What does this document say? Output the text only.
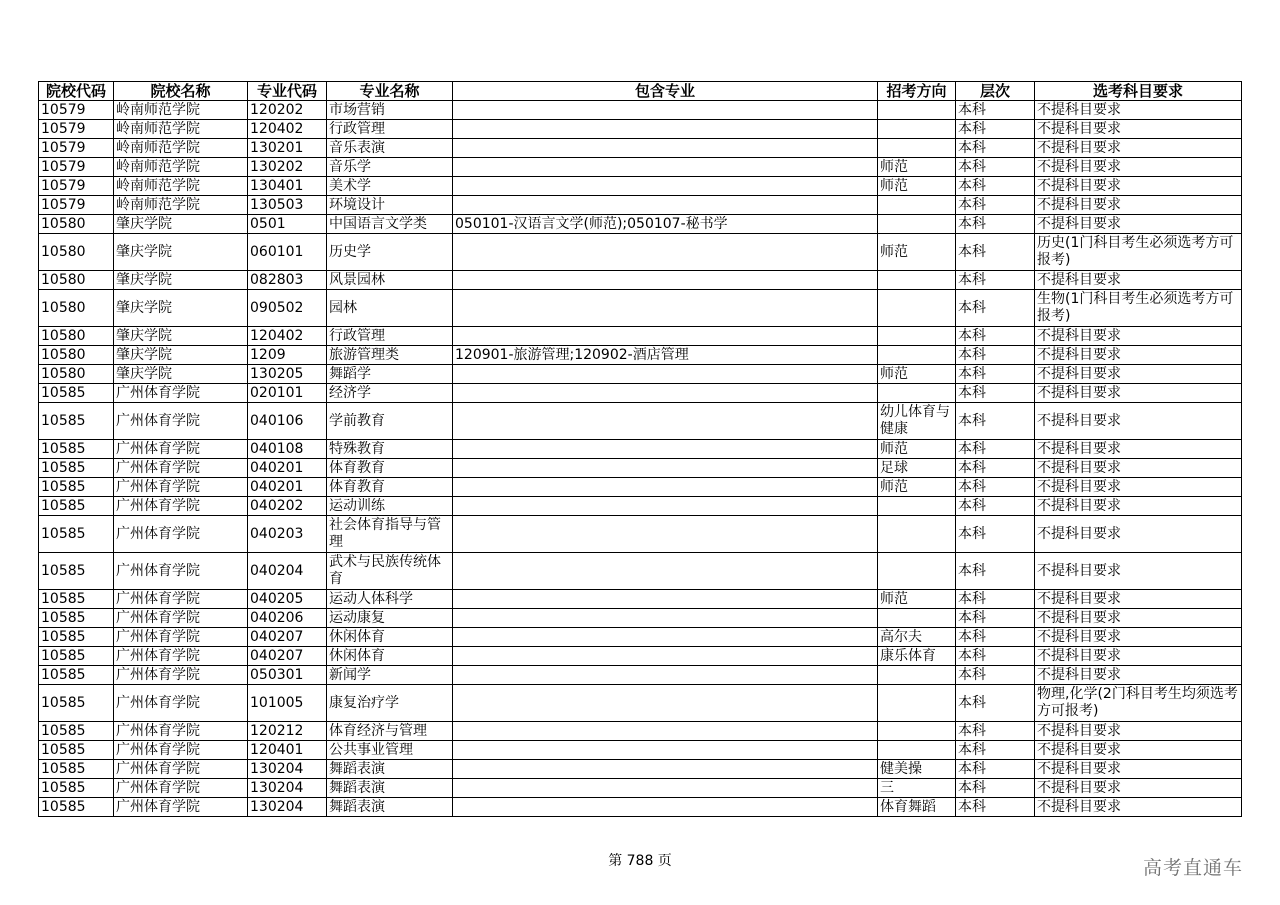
院校代码	院校名称	专业代码	专业名称	包含专业	招考方向	层次	选考科目要求
10579	岭南师范学院	120202	市场营销			本科	不提科目要求
10579	岭南师范学院	120402	行政管理			本科	不提科目要求
10579	岭南师范学院	130201	音乐表演			本科	不提科目要求
10579	岭南师范学院	130202	音乐学		师范	本科	不提科目要求
10579	岭南师范学院	130401	美术学		师范	本科	不提科目要求
10579	岭南师范学院	130503	环境设计			本科	不提科目要求
10580	肇庆学院	0501	中国语言文学类	050101-汉语言文学(师范);050107-秘书学		本科	不提科目要求
10580	肇庆学院	060101	历史学		师范	本科	历史(1门科目考生必须选考方可报考)
10580	肇庆学院	082803	风景园林			本科	不提科目要求
10580	肇庆学院	090502	园林			本科	生物(1门科目考生必须选考方可报考)
10580	肇庆学院	120402	行政管理			本科	不提科目要求
10580	肇庆学院	1209	旅游管理类	120901-旅游管理;120902-酒店管理		本科	不提科目要求
10580	肇庆学院	130205	舞蹈学		师范	本科	不提科目要求
10585	广州体育学院	020101	经济学			本科	不提科目要求
10585	广州体育学院	040106	学前教育		幼儿体育与健康	本科	不提科目要求
10585	广州体育学院	040108	特殊教育		师范	本科	不提科目要求
10585	广州体育学院	040201	体育教育		足球	本科	不提科目要求
10585	广州体育学院	040201	体育教育		师范	本科	不提科目要求
10585	广州体育学院	040202	运动训练			本科	不提科目要求
10585	广州体育学院	040203	社会体育指导与管理			本科	不提科目要求
10585	广州体育学院	040204	武术与民族传统体育			本科	不提科目要求
10585	广州体育学院	040205	运动人体科学		师范	本科	不提科目要求
10585	广州体育学院	040206	运动康复			本科	不提科目要求
10585	广州体育学院	040207	休闲体育		高尔夫	本科	不提科目要求
10585	广州体育学院	040207	休闲体育		康乐体育	本科	不提科目要求
10585	广州体育学院	050301	新闻学			本科	不提科目要求
10585	广州体育学院	101005	康复治疗学			本科	物理,化学(2门科目考生均须选考方可报考)
10585	广州体育学院	120212	体育经济与管理			本科	不提科目要求
10585	广州体育学院	120401	公共事业管理			本科	不提科目要求
10585	广州体育学院	130204	舞蹈表演		健美操	本科	不提科目要求
10585	广州体育学院	130204	舞蹈表演		三	本科	不提科目要求
10585	广州体育学院	130204	舞蹈表演		体育舞蹈	本科	不提科目要求
第 788 页	高考直通车
